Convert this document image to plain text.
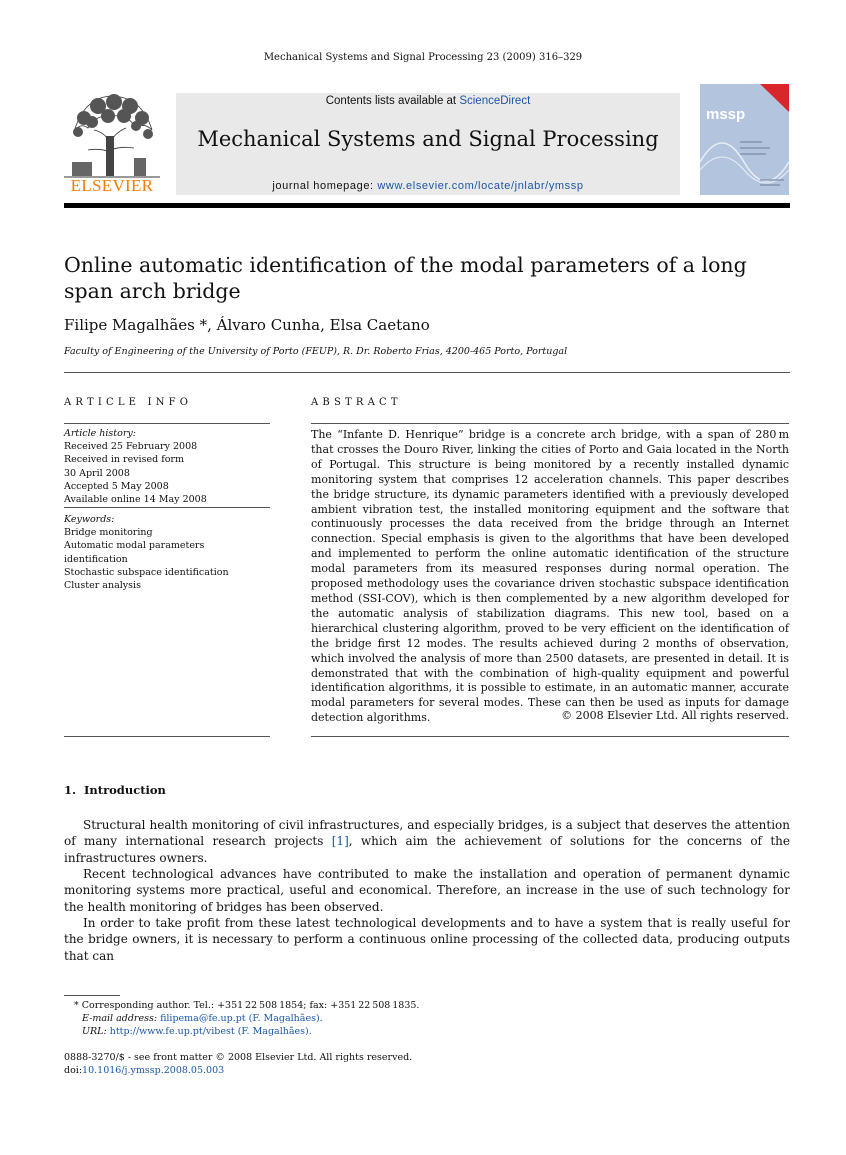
Mechanical Systems and Signal Processing 23 (2009) 316–329
ELSEVIER
Contents lists available at ScienceDirect
Mechanical Systems and Signal Processing
journal homepage: www.elsevier.com/locate/jnlabr/ymssp
mssp
Online automatic identification of the modal parameters of a long span arch bridge
Filipe Magalhães *, Álvaro Cunha, Elsa Caetano
Faculty of Engineering of the University of Porto (FEUP), R. Dr. Roberto Frias, 4200-465 Porto, Portugal
ARTICLE INFO	ABSTRACT
Article history:
Received 25 February 2008
Received in revised form
30 April 2008
Accepted 5 May 2008
Available online 14 May 2008
Keywords:
Bridge monitoring
Automatic modal parameters identification
Stochastic subspace identification
Cluster analysis
The “Infante D. Henrique” bridge is a concrete arch bridge, with a span of 280 m that crosses the Douro River, linking the cities of Porto and Gaia located in the North of Portugal. This structure is being monitored by a recently installed dynamic monitoring system that comprises 12 acceleration channels. This paper describes the bridge structure, its dynamic parameters identified with a previously developed ambient vibration test, the installed monitoring equipment and the software that continuously processes the data received from the bridge through an Internet connection. Special emphasis is given to the algorithms that have been developed and implemented to perform the online automatic identification of the structure modal parameters from its measured responses during normal operation. The proposed methodology uses the covariance driven stochastic subspace identification method (SSI-COV), which is then complemented by a new algorithm developed for the automatic analysis of stabilization diagrams. This new tool, based on a hierarchical clustering algorithm, proved to be very efficient on the identification of the bridge first 12 modes. The results achieved during 2 months of observation, which involved the analysis of more than 2500 datasets, are presented in detail. It is demonstrated that with the combination of high-quality equipment and powerful identification algorithms, it is possible to estimate, in an automatic manner, accurate modal parameters for several modes. These can then be used as inputs for damage detection algorithms.	© 2008 Elsevier Ltd. All rights reserved.
1. Introduction
Structural health monitoring of civil infrastructures, and especially bridges, is a subject that deserves the attention of many international research projects [1], which aim the achievement of solutions for the concerns of the infrastructures owners.
Recent technological advances have contributed to make the installation and operation of permanent dynamic monitoring systems more practical, useful and economical. Therefore, an increase in the use of such technology for the health monitoring of bridges has been observed.
In order to take profit from these latest technological developments and to have a system that is really useful for the bridge owners, it is necessary to perform a continuous online processing of the collected data, producing outputs that can
* Corresponding author. Tel.: +351 22 508 1854; fax: +351 22 508 1835.
E-mail address: filipema@fe.up.pt (F. Magalhães).
URL: http://www.fe.up.pt/vibest (F. Magalhães).
0888-3270/$ - see front matter © 2008 Elsevier Ltd. All rights reserved.
doi:10.1016/j.ymssp.2008.05.003
